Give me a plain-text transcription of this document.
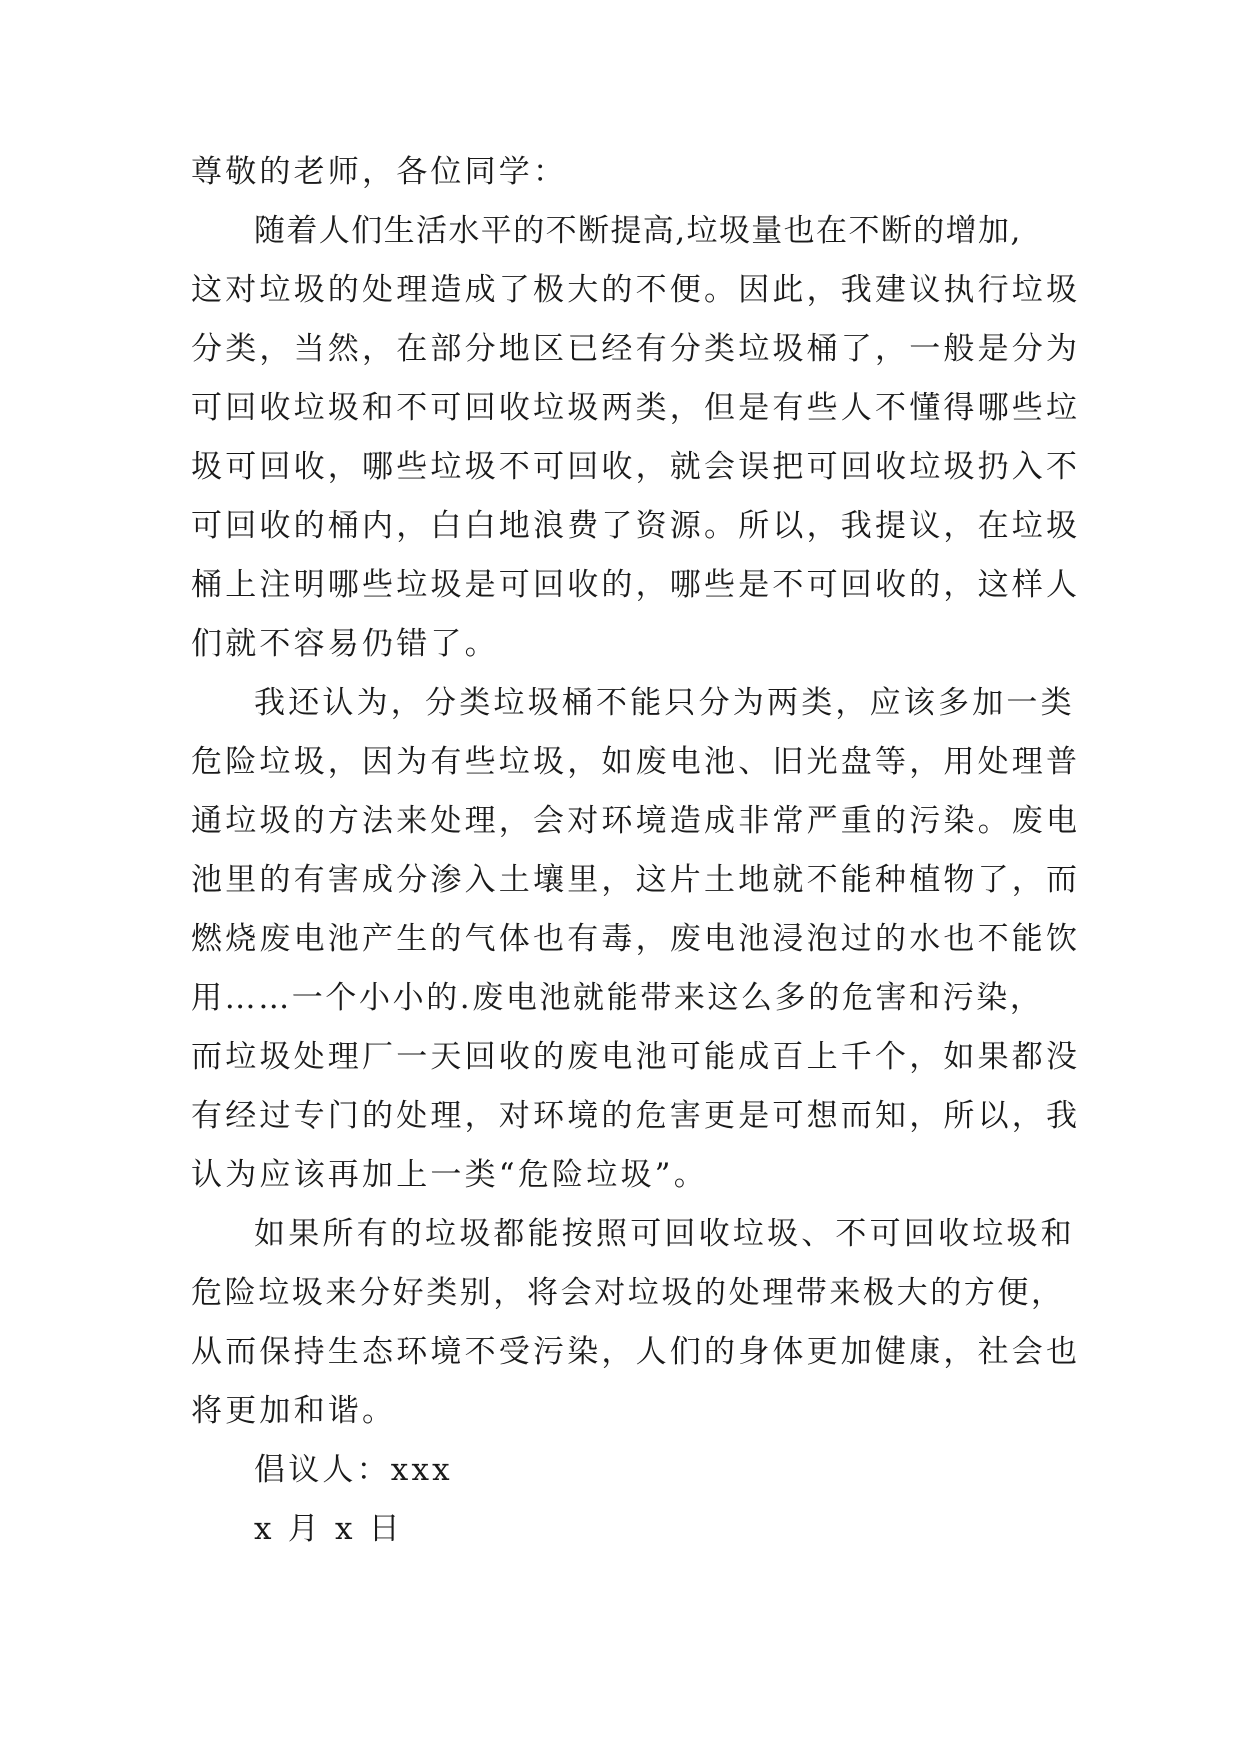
尊敬的老师，各位同学：
随着人们生活水平的不断提高,垃圾量也在不断的增加,
这对垃圾的处理造成了极大的不便。因此，我建议执行垃圾
分类，当然，在部分地区已经有分类垃圾桶了，一般是分为
可回收垃圾和不可回收垃圾两类，但是有些人不懂得哪些垃
圾可回收，哪些垃圾不可回收，就会误把可回收垃圾扔入不
可回收的桶内，白白地浪费了资源。所以，我提议，在垃圾
桶上注明哪些垃圾是可回收的，哪些是不可回收的，这样人
们就不容易仍错了。
我还认为，分类垃圾桶不能只分为两类，应该多加一类
危险垃圾，因为有些垃圾，如废电池、旧光盘等，用处理普
通垃圾的方法来处理，会对环境造成非常严重的污染。废电
池里的有害成分渗入土壤里，这片土地就不能种植物了，而
燃烧废电池产生的气体也有毒，废电池浸泡过的水也不能饮
用……一个小小的.废电池就能带来这么多的危害和污染，
而垃圾处理厂一天回收的废电池可能成百上千个，如果都没
有经过专门的处理，对环境的危害更是可想而知，所以，我
认为应该再加上一类“危险垃圾”。
如果所有的垃圾都能按照可回收垃圾、不可回收垃圾和
危险垃圾来分好类别，将会对垃圾的处理带来极大的方便，
从而保持生态环境不受污染，人们的身体更加健康，社会也
将更加和谐。
倡议人：xxx
x 月 x 日
